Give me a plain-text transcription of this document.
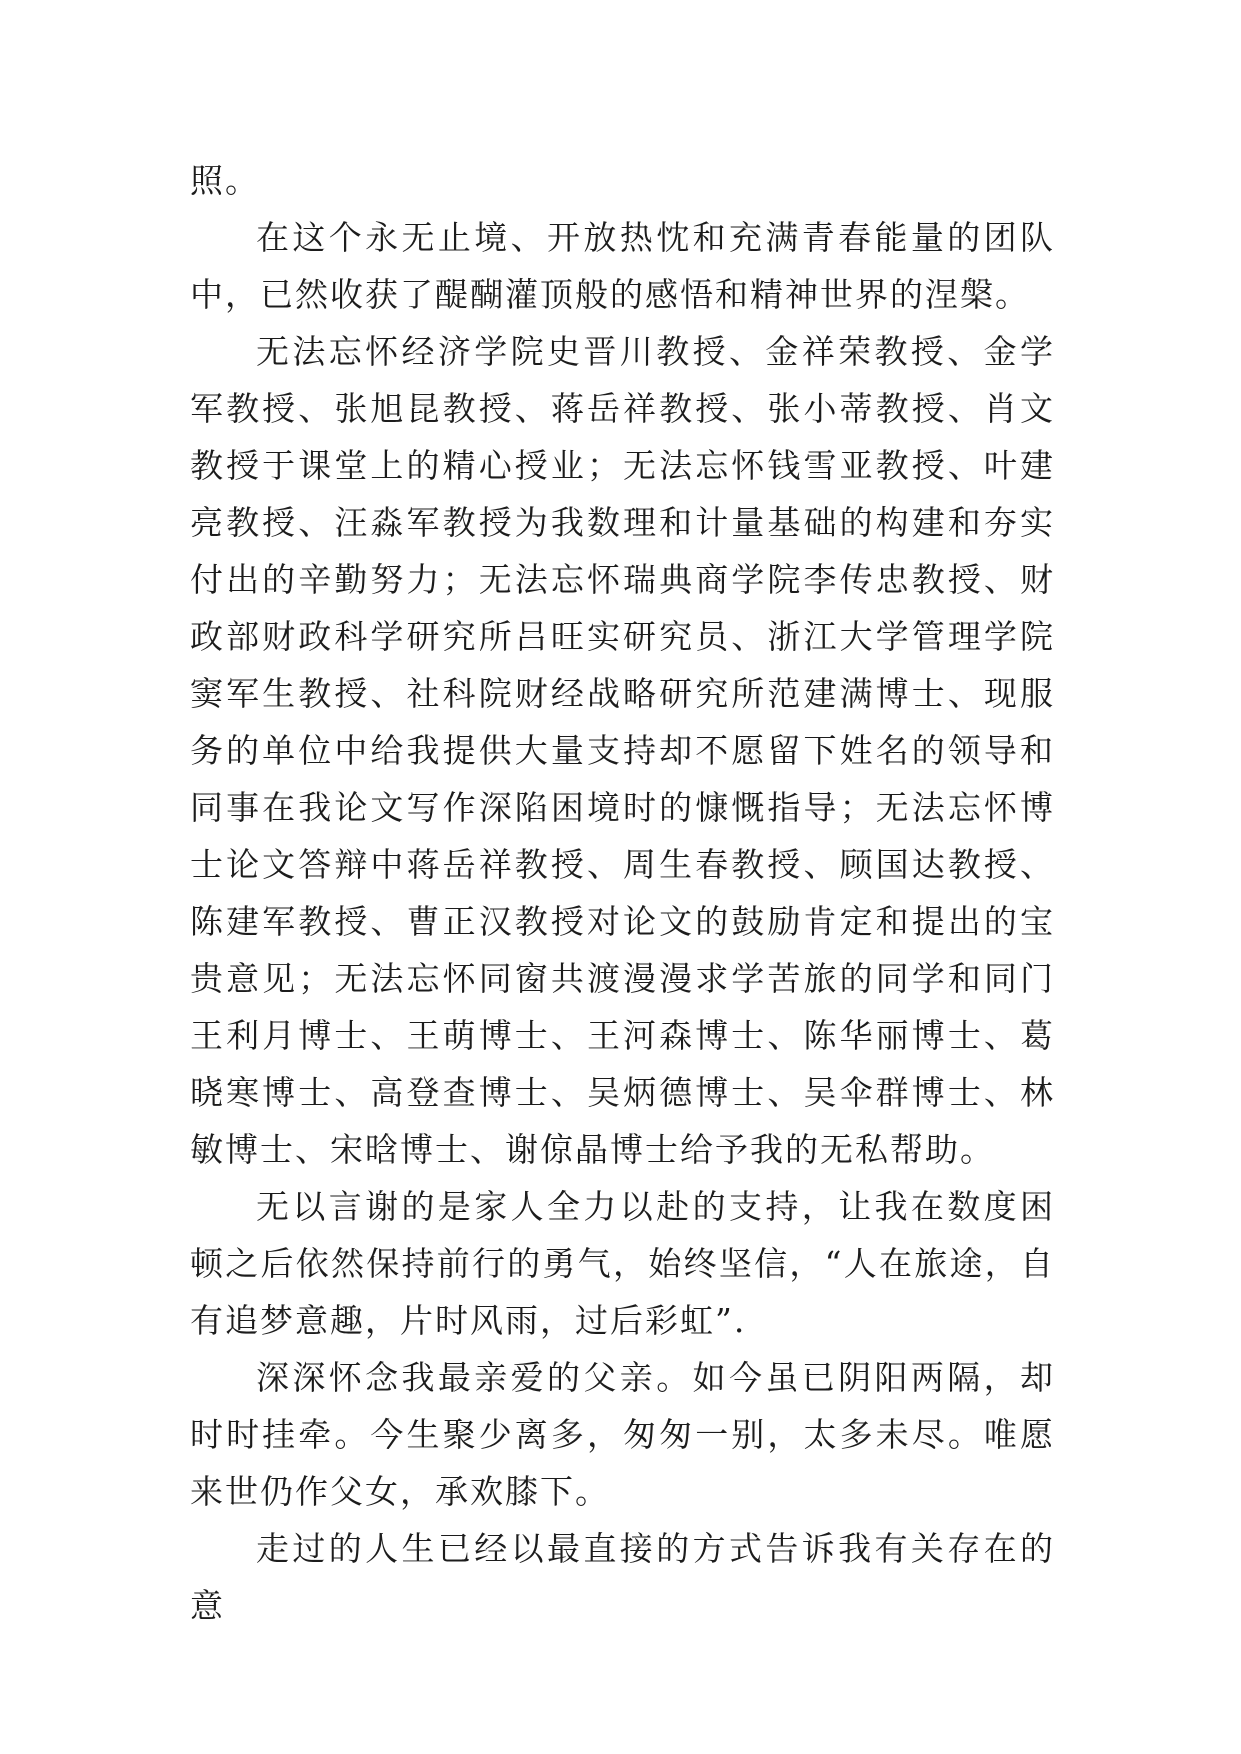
照。

在这个永无止境、开放热忱和充满青春能量的团队中，已然收获了醍醐灌顶般的感悟和精神世界的涅槃。

无法忘怀经济学院史晋川教授、金祥荣教授、金学军教授、张旭昆教授、蒋岳祥教授、张小蒂教授、肖文教授于课堂上的精心授业；无法忘怀钱雪亚教授、叶建亮教授、汪淼军教授为我数理和计量基础的构建和夯实付出的辛勤努力；无法忘怀瑞典商学院李传忠教授、财政部财政科学研究所吕旺实研究员、浙江大学管理学院窦军生教授、社科院财经战略研究所范建满博士、现服务的单位中给我提供大量支持却不愿留下姓名的领导和同事在我论文写作深陷困境时的慷慨指导；无法忘怀博士论文答辩中蒋岳祥教授、周生春教授、顾国达教授、陈建军教授、曹正汉教授对论文的鼓励肯定和提出的宝贵意见；无法忘怀同窗共渡漫漫求学苦旅的同学和同门王利月博士、王萌博士、王河森博士、陈华丽博士、葛晓寒博士、高登查博士、吴炳德博士、吴伞群博士、林敏博士、宋晗博士、谢倞晶博士给予我的无私帮助。

无以言谢的是家人全力以赴的支持，让我在数度困顿之后依然保持前行的勇气，始终坚信，“人在旅途，自有追梦意趣，片时风雨，过后彩虹”.

深深怀念我最亲爱的父亲。如今虽已阴阳两隔，却时时挂牵。今生聚少离多，匆匆一别，太多未尽。唯愿来世仍作父女，承欢膝下。

走过的人生已经以最直接的方式告诉我有关存在的意
